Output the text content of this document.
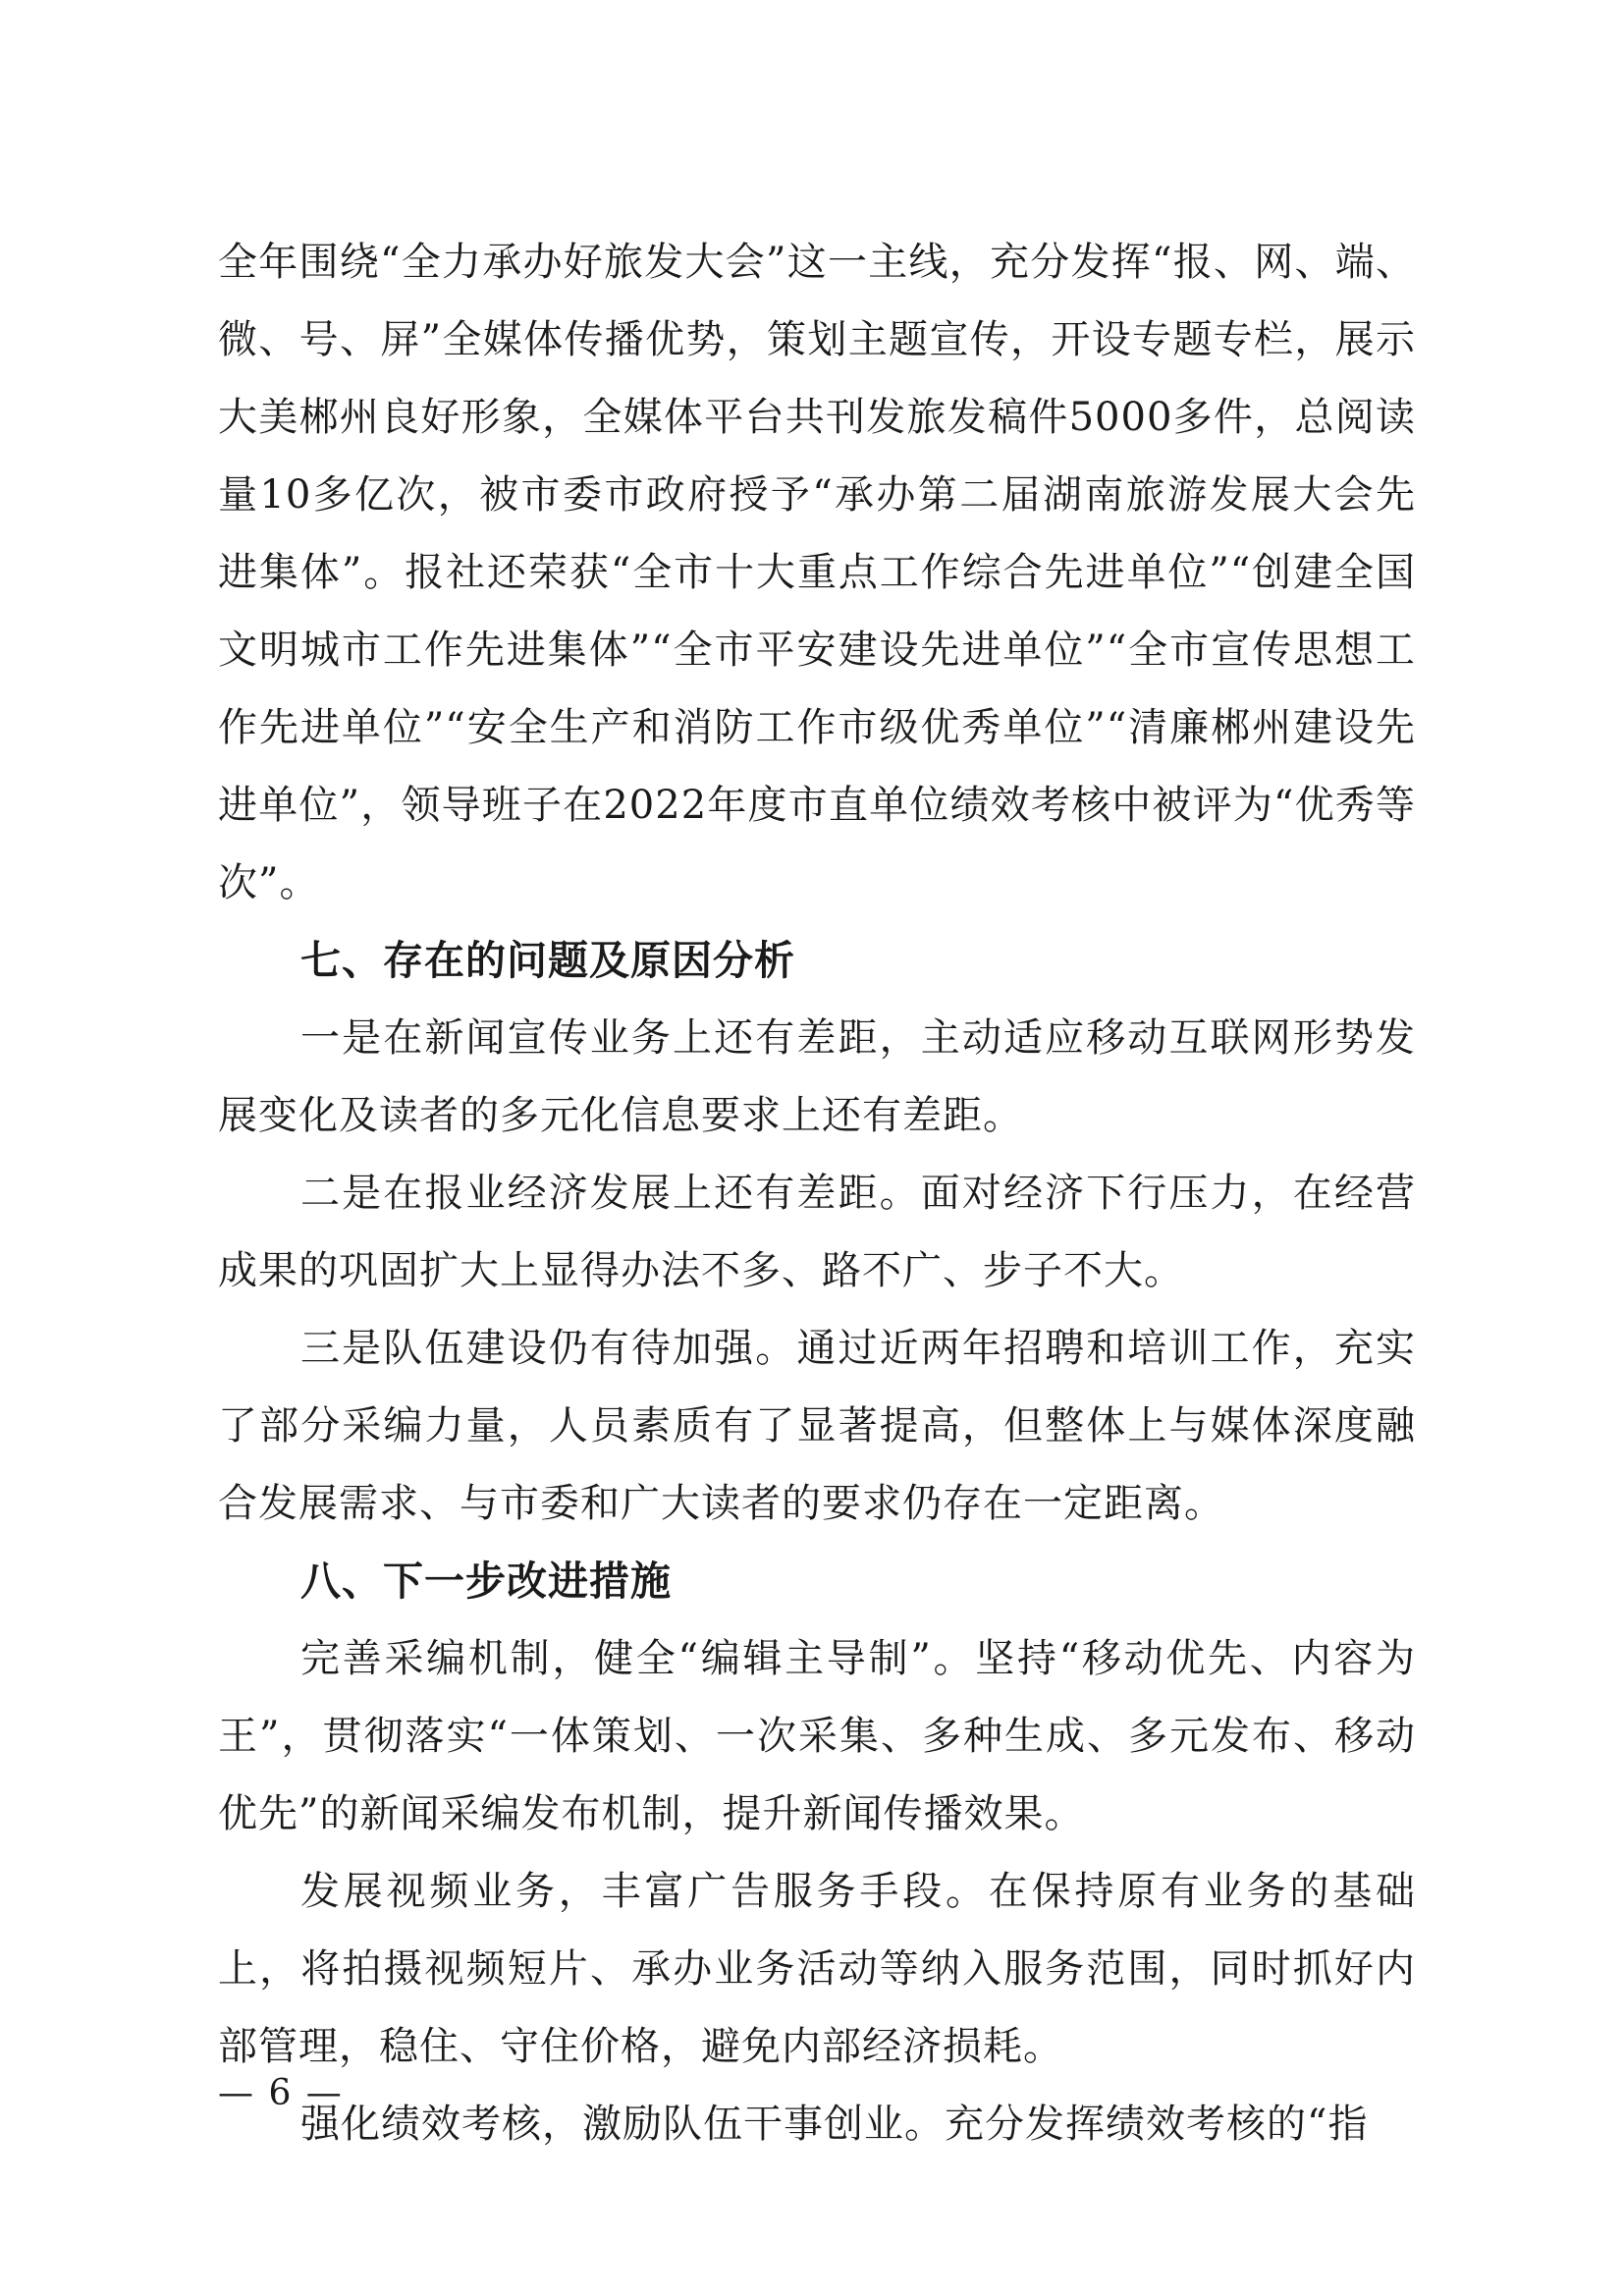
全年围绕“全力承办好旅发大会”这一主线，充分发挥“报、网、端、微、号、屏”全媒体传播优势，策划主题宣传，开设专题专栏，展示大美郴州良好形象，全媒体平台共刊发旅发稿件5000多件，总阅读量10多亿次，被市委市政府授予“承办第二届湖南旅游发展大会先进集体”。报社还荣获“全市十大重点工作综合先进单位”“创建全国文明城市工作先进集体”“全市平安建设先进单位”“全市宣传思想工作先进单位”“安全生产和消防工作市级优秀单位”“清廉郴州建设先进单位”，领导班子在2022年度市直单位绩效考核中被评为“优秀等次”。

七、存在的问题及原因分析

一是在新闻宣传业务上还有差距，主动适应移动互联网形势发展变化及读者的多元化信息要求上还有差距。

二是在报业经济发展上还有差距。面对经济下行压力，在经营成果的巩固扩大上显得办法不多、路不广、步子不大。

三是队伍建设仍有待加强。通过近两年招聘和培训工作，充实了部分采编力量，人员素质有了显著提高，但整体上与媒体深度融合发展需求、与市委和广大读者的要求仍存在一定距离。

八、下一步改进措施

完善采编机制，健全“编辑主导制”。坚持“移动优先、内容为王”，贯彻落实“一体策划、一次采集、多种生成、多元发布、移动优先”的新闻采编发布机制，提升新闻传播效果。

发展视频业务，丰富广告服务手段。在保持原有业务的基础上，将拍摄视频短片、承办业务活动等纳入服务范围，同时抓好内部管理，稳住、守住价格，避免内部经济损耗。

强化绩效考核，激励队伍干事创业。充分发挥绩效考核的“指

— 6 —
